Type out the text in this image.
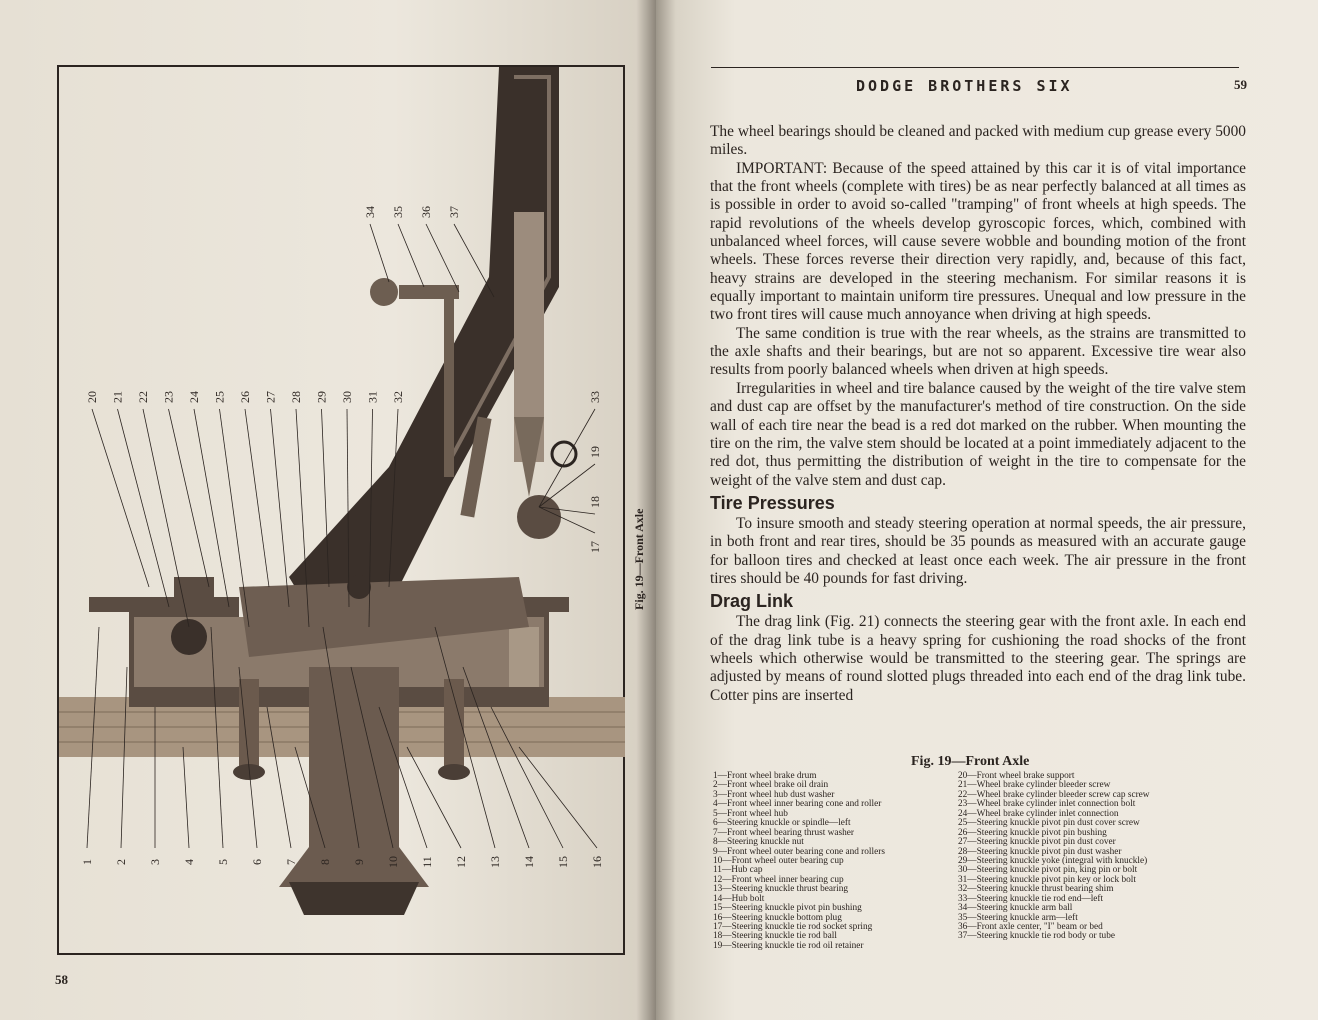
20 21 22 23 24 25 26 27 28 29 30 31 32
34 35 36 37
33
19
18
17
1 2 3 4 5 6 7 8 9 10 11 12 13 14 15 16
Fig. 19—Front Axle
58
DODGE BROTHERS SIX	59

The wheel bearings should be cleaned and packed with medium cup grease every 5000 miles.

IMPORTANT: Because of the speed attained by this car it is of vital importance that the front wheels (complete with tires) be as near perfectly balanced at all times as is possible in order to avoid so-called "tramping" of front wheels at high speeds. The rapid revolutions of the wheels develop gyroscopic forces, which, combined with unbalanced wheel forces, will cause severe wobble and bounding motion of the front wheels. These forces reverse their direction very rapidly, and, because of this fact, heavy strains are developed in the steering mechanism. For similar reasons it is equally important to maintain uniform tire pressures. Unequal and low pressure in the two front tires will cause much annoyance when driving at high speeds.

The same condition is true with the rear wheels, as the strains are transmitted to the axle shafts and their bearings, but are not so apparent. Excessive tire wear also results from poorly balanced wheels when driven at high speeds.

Irregularities in wheel and tire balance caused by the weight of the tire valve stem and dust cap are offset by the manufacturer's method of tire construction. On the side wall of each tire near the bead is a red dot marked on the rubber. When mounting the tire on the rim, the valve stem should be located at a point immediately adjacent to the red dot, thus permitting the distribution of weight in the tire to compensate for the weight of the valve stem and dust cap.

Tire Pressures

To insure smooth and steady steering operation at normal speeds, the air pressure, in both front and rear tires, should be 35 pounds as measured with an accurate gauge for balloon tires and checked at least once each week. The air pressure in the front tires should be 40 pounds for fast driving.

Drag Link

The drag link (Fig. 21) connects the steering gear with the front axle. In each end of the drag link tube is a heavy spring for cushioning the road shocks of the front wheels which otherwise would be transmitted to the steering gear. The springs are adjusted by means of round slotted plugs threaded into each end of the drag link tube. Cotter pins are inserted

Fig. 19—Front Axle
1—Front wheel brake drum
2—Front wheel brake oil drain
3—Front wheel hub dust washer
4—Front wheel inner bearing cone and roller
5—Front wheel hub
6—Steering knuckle or spindle—left
7—Front wheel bearing thrust washer
8—Steering knuckle nut
9—Front wheel outer bearing cone and rollers
10—Front wheel outer bearing cup
11—Hub cap
12—Front wheel inner bearing cup
13—Steering knuckle thrust bearing
14—Hub bolt
15—Steering knuckle pivot pin bushing
16—Steering knuckle bottom plug
17—Steering knuckle tie rod socket spring
18—Steering knuckle tie rod ball
19—Steering knuckle tie rod oil retainer
20—Front wheel brake support
21—Wheel brake cylinder bleeder screw
22—Wheel brake cylinder bleeder screw cap screw
23—Wheel brake cylinder inlet connection bolt
24—Wheel brake cylinder inlet connection
25—Steering knuckle pivot pin dust cover screw
26—Steering knuckle pivot pin bushing
27—Steering knuckle pivot pin dust cover
28—Steering knuckle pivot pin dust washer
29—Steering knuckle yoke (integral with knuckle)
30—Steering knuckle pivot pin, king pin or bolt
31—Steering knuckle pivot pin key or lock bolt
32—Steering knuckle thrust bearing shim
33—Steering knuckle tie rod end—left
34—Steering knuckle arm ball
35—Steering knuckle arm—left
36—Front axle center, "I" beam or bed
37—Steering knuckle tie rod body or tube
